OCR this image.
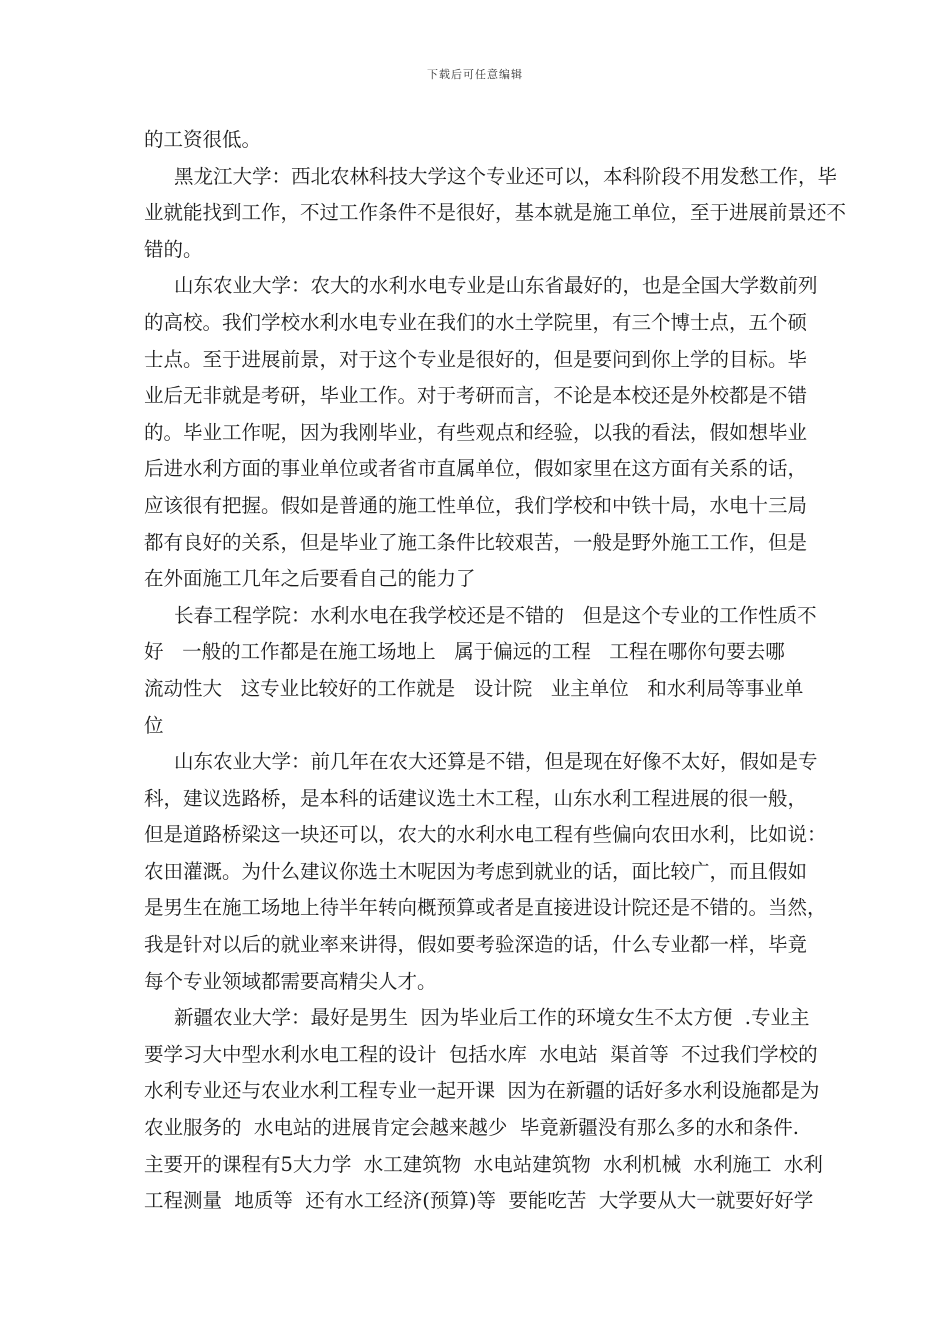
下载后可任意编辑
的工资很低。
黑龙江大学：西北农林科技大学这个专业还可以，本科阶段不用发愁工作，毕
业就能找到工作，不过工作条件不是很好，基本就是施工单位，至于进展前景还不
错的。
山东农业大学：农大的水利水电专业是山东省最好的，也是全国大学数前列
的高校。我们学校水利水电专业在我们的水土学院里，有三个博士点，五个硕
士点。至于进展前景，对于这个专业是很好的，但是要问到你上学的目标。毕
业后无非就是考研，毕业工作。对于考研而言，不论是本校还是外校都是不错
的。毕业工作呢，因为我刚毕业，有些观点和经验，以我的看法，假如想毕业
后进水利方面的事业单位或者省市直属单位，假如家里在这方面有关系的话，
应该很有把握。假如是普通的施工性单位，我们学校和中铁十局，水电十三局
都有良好的关系，但是毕业了施工条件比较艰苦，一般是野外施工工作，但是
在外面施工几年之后要看自己的能力了
长春工程学院：水利水电在我学校还是不错的   但是这个专业的工作性质不
好   一般的工作都是在施工场地上   属于偏远的工程   工程在哪你句要去哪
流动性大   这专业比较好的工作就是   设计院   业主单位   和水利局等事业单
位
山东农业大学：前几年在农大还算是不错，但是现在好像不太好，假如是专
科，建议选路桥，是本科的话建议选土木工程，山东水利工程进展的很一般，
但是道路桥梁这一块还可以，农大的水利水电工程有些偏向农田水利，比如说：
农田灌溉。为什么建议你选土木呢因为考虑到就业的话，面比较广，而且假如
是男生在施工场地上待半年转向概预算或者是直接进设计院还是不错的。当然，
我是针对以后的就业率来讲得，假如要考验深造的话，什么专业都一样，毕竟
每个专业领域都需要高精尖人才。
新疆农业大学：最好是男生  因为毕业后工作的环境女生不太方便  .专业主
要学习大中型水利水电工程的设计  包括水库  水电站  渠首等  不过我们学校的
水利专业还与农业水利工程专业一起开课  因为在新疆的话好多水利设施都是为
农业服务的  水电站的进展肯定会越来越少  毕竟新疆没有那么多的水和条件.
主要开的课程有5大力学  水工建筑物  水电站建筑物  水利机械  水利施工  水利
工程测量  地质等  还有水工经济(预算)等  要能吃苦  大学要从大一就要好好学
